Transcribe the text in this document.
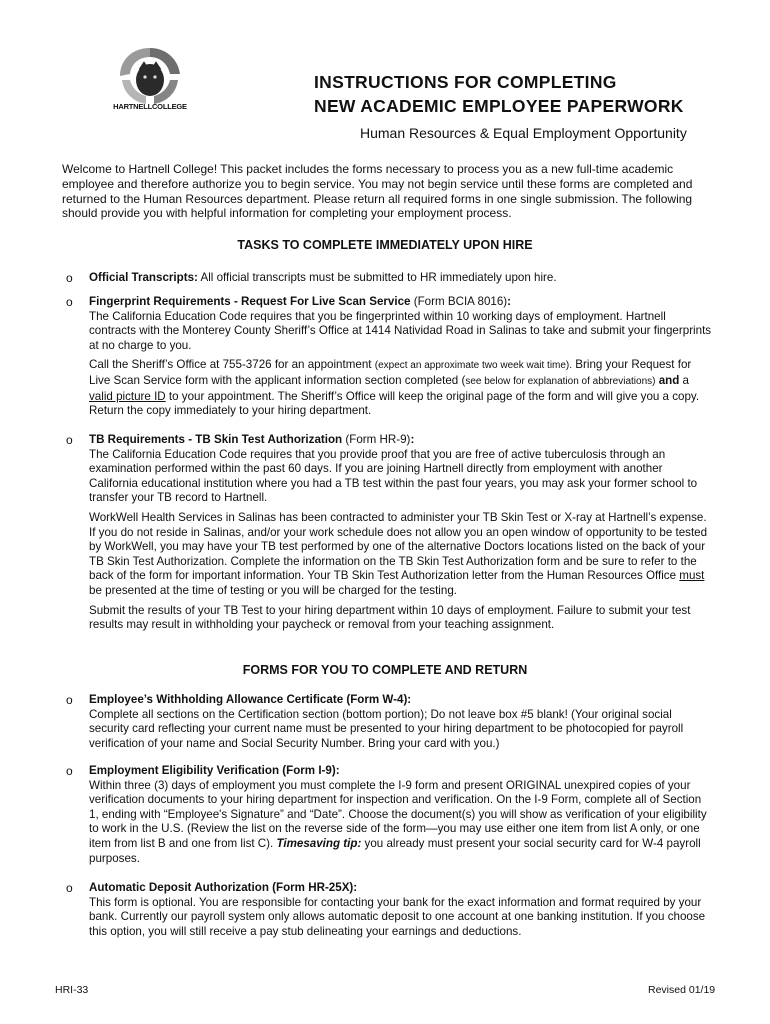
HARTNELLCOLLEGE
INSTRUCTIONS FOR COMPLETING
NEW ACADEMIC EMPLOYEE PAPERWORK
Human Resources & Equal Employment Opportunity
Welcome to Hartnell College! This packet includes the forms necessary to process you as a new full-time academic employee and therefore authorize you to begin service. You may not begin service until these forms are completed and returned to the Human Resources department. Please return all required forms in one single submission. The following should provide you with helpful information for completing your employment process.
TASKS TO COMPLETE IMMEDIATELY UPON HIRE
o Official Transcripts: All official transcripts must be submitted to HR immediately upon hire.

o Fingerprint Requirements - Request For Live Scan Service (Form BCIA 8016):
The California Education Code requires that you be fingerprinted within 10 working days of employment. Hartnell contracts with the Monterey County Sheriff’s Office at 1414 Natividad Road in Salinas to take and submit your fingerprints at no charge to you.

Call the Sheriff’s Office at 755-3726 for an appointment (expect an approximate two week wait time). Bring your Request for Live Scan Service form with the applicant information section completed (see below for explanation of abbreviations) and a valid picture ID to your appointment. The Sheriff’s Office will keep the original page of the form and will give you a copy. Return the copy immediately to your hiring department.

o TB Requirements - TB Skin Test Authorization (Form HR-9):
The California Education Code requires that you provide proof that you are free of active tuberculosis through an examination performed within the past 60 days. If you are joining Hartnell directly from employment with another California educational institution where you had a TB test within the past four years, you may ask your former school to transfer your TB record to Hartnell.

WorkWell Health Services in Salinas has been contracted to administer your TB Skin Test or X-ray at Hartnell’s expense. If you do not reside in Salinas, and/or your work schedule does not allow you an open window of opportunity to be tested by WorkWell, you may have your TB test performed by one of the alternative Doctors locations listed on the back of your TB Skin Test Authorization. Complete the information on the TB Skin Test Authorization form and be sure to refer to the back of the form for important information. Your TB Skin Test Authorization letter from the Human Resources Office must be presented at the time of testing or you will be charged for the testing.

Submit the results of your TB Test to your hiring department within 10 days of employment. Failure to submit your test results may result in withholding your paycheck or removal from your teaching assignment.

FORMS FOR YOU TO COMPLETE AND RETURN
o Employee’s Withholding Allowance Certificate (Form W-4):
Complete all sections on the Certification section (bottom portion); Do not leave box #5 blank! (Your original social security card reflecting your current name must be presented to your hiring department to be photocopied for payroll verification of your name and Social Security Number. Bring your card with you.)

o Employment Eligibility Verification (Form I-9):
Within three (3) days of employment you must complete the I-9 form and present ORIGINAL unexpired copies of your verification documents to your hiring department for inspection and verification. On the I-9 Form, complete all of Section 1, ending with “Employee's Signature” and “Date”. Choose the document(s) you will show as verification of your eligibility to work in the U.S. (Review the list on the reverse side of the form—you may use either one item from list A only, or one item from list B and one from list C). Timesaving tip: you already must present your social security card for W-4 payroll purposes.

o Automatic Deposit Authorization (Form HR-25X):
This form is optional. You are responsible for contacting your bank for the exact information and format required by your bank. Currently our payroll system only allows automatic deposit to one account at one banking institution. If you choose this option, you will still receive a pay stub delineating your earnings and deductions.

HRI-33	Revised 01/19
